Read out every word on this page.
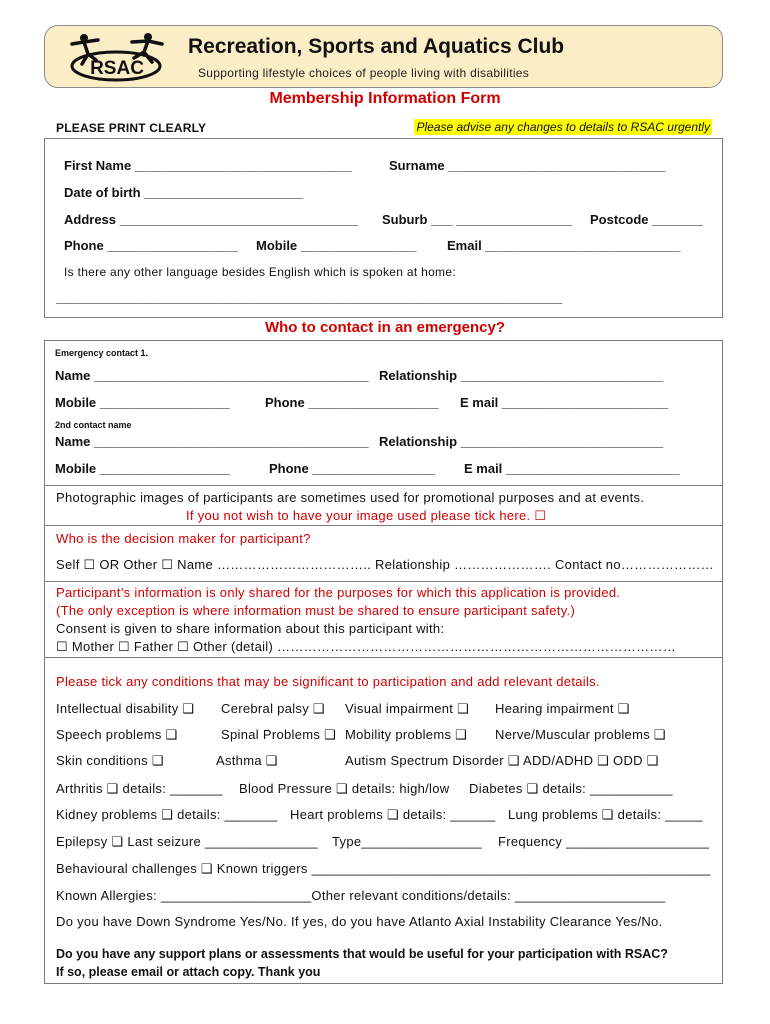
RSAC
Recreation, Sports and Aquatics Club
Supporting lifestyle choices of people living with disabilities
Membership Information Form
PLEASE PRINT CLEARLY	Please advise any changes to details to RSAC urgently
First Name ______________________________	Surname ______________________________
Date of birth ______________________
Address _________________________________ Suburb ___ ________________ Postcode _______
Phone __________________ Mobile ________________ Email ___________________________
Is there any other language besides English which is spoken at home:
______________________________________________________________________
Who to contact in an emergency?
Emergency contact 1.
Name ______________________________________ Relationship ____________________________
Mobile __________________	Phone __________________ E mail _______________________
2nd contact name
Name ______________________________________ Relationship ____________________________
Mobile __________________	Phone _________________ E mail ________________________
Photographic images of participants are sometimes used for promotional purposes and at events.
If you not wish to have your image used please tick here. ☐
Who is the decision maker for participant?
Self ☐ OR Other ☐ Name …………………………….. Relationship …………………. Contact no…………………
Participant’s information is only shared for the purposes for which this application is provided.
(The only exception is where information must be shared to ensure participant safety.)
Consent is given to share information about this participant with:
☐ Mother ☐ Father ☐ Other (detail) ………………………………………………………………………………
Please tick any conditions that may be significant to participation and add relevant details.
Intellectual disability ❑ Cerebral palsy ❑ Visual impairment ❑ Hearing impairment ❑
Speech problems ❑	Spinal Problems ❑ Mobility problems ❑ Nerve/Muscular problems ❑
Skin conditions ❑	Asthma ❑	Autism Spectrum Disorder ❑ ADD/ADHD ❑ ODD ❑
Arthritis ❑ details: _______ Blood Pressure ❑ details: high/low Diabetes ❑ details: ___________
Kidney problems ❑ details: _______ Heart problems ❑ details: ______ Lung problems ❑ details: _____
Epilepsy ❑ Last seizure _______________ Type________________ Frequency ___________________
Behavioural challenges ❑ Known triggers _____________________________________________________
Known Allergies: ____________________Other relevant conditions/details: ____________________
Do you have Down Syndrome Yes/No. If yes, do you have Atlanto Axial Instability Clearance Yes/No.
Do you have any support plans or assessments that would be useful for your participation with RSAC?
If so, please email or attach copy. Thank you
